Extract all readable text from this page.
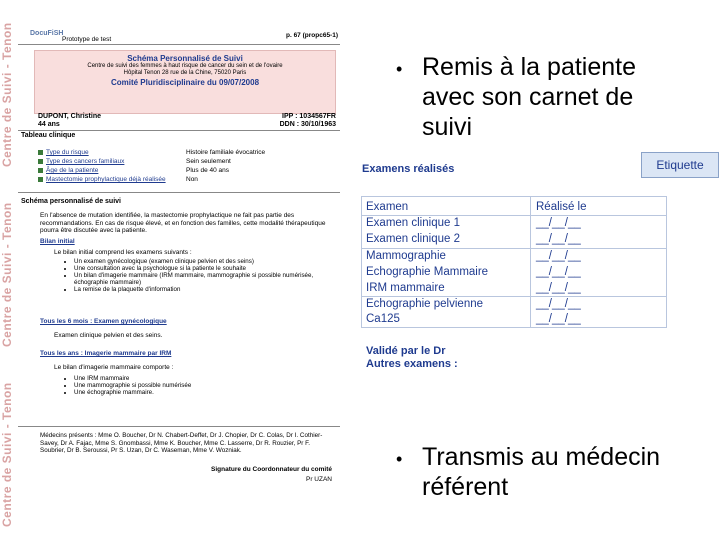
Centre de Suivi - Tenon
Centre de Suivi - Tenon
Centre de Suivi - Tenon
DocuFiSH
Prototype de test
p. 67 (propc65-1)
Schéma Personnalisé de Suivi
Centre de suivi des femmes à haut risque de cancer du sein et de l'ovaire
Hôpital Tenon 28 rue de la Chine, 75020 Paris
Comité Pluridisciplinaire du 09/07/2008
DUPONT, Christine	IPP : 1034567FR
44 ans	DDN : 30/10/1963
Tableau clinique
Type du risque	Histoire familiale évocatrice
Type des cancers familiaux	Sein seulement
Âge de la patiente	Plus de 40 ans
Mastectomie prophylactique déjà réalisée	Non
Schéma personnalisé de suivi
En l'absence de mutation identifiée, la mastectomie prophylactique ne fait pas partie des recommandations. En cas de risque élevé, et en fonction des familles, cette modalité thérapeutique pourra être discutée avec la patiente.
Bilan initial
Le bilan initial comprend les examens suivants :
• Un examen gynécologique (examen clinique pelvien et des seins)
• Une consultation avec la psychologue si la patiente le souhaite
• Un bilan d'imagerie mammaire (IRM mammaire, mammographie si possible numérisée, échographie mammaire)
• La remise de la plaquette d'information
Tous les 6 mois : Examen gynécologique
Examen clinique pelvien et des seins.
Tous les ans : Imagerie mammaire par IRM
Le bilan d'imagerie mammaire comporte :
• Une IRM mammaire
• Une mammographie si possible numérisée
• Une échographie mammaire.
Médecins présents : Mme O. Boucher, Dr N. Chabert-Deffet, Dr J. Chopier, Dr C. Colas, Dr I. Cothier-Savey, Dr A. Fajac, Mme S. Gnombassi, Mme K. Boucher, Mme C. Lasserre, Dr R. Rouzier, Pr F. Soubrier, Dr B. Seroussi, Pr S. Uzan, Dr C. Waseman, Mme V. Wozniak.
Signature du Coordonnateur du comité
Pr UZAN
• Remis à la patiente avec son carnet de suivi
Etiquette
Examens réalisés
Examen	Réalisé le
Examen clinique 1	__/__/__
Examen clinique 2	__/__/__
Mammographie	__/__/__
Echographie Mammaire	__/__/__
IRM mammaire	__/__/__
Echographie pelvienne	__/__/__
Ca125	__/__/__
Validé par le Dr
Autres examens :
• Transmis au médecin référent
